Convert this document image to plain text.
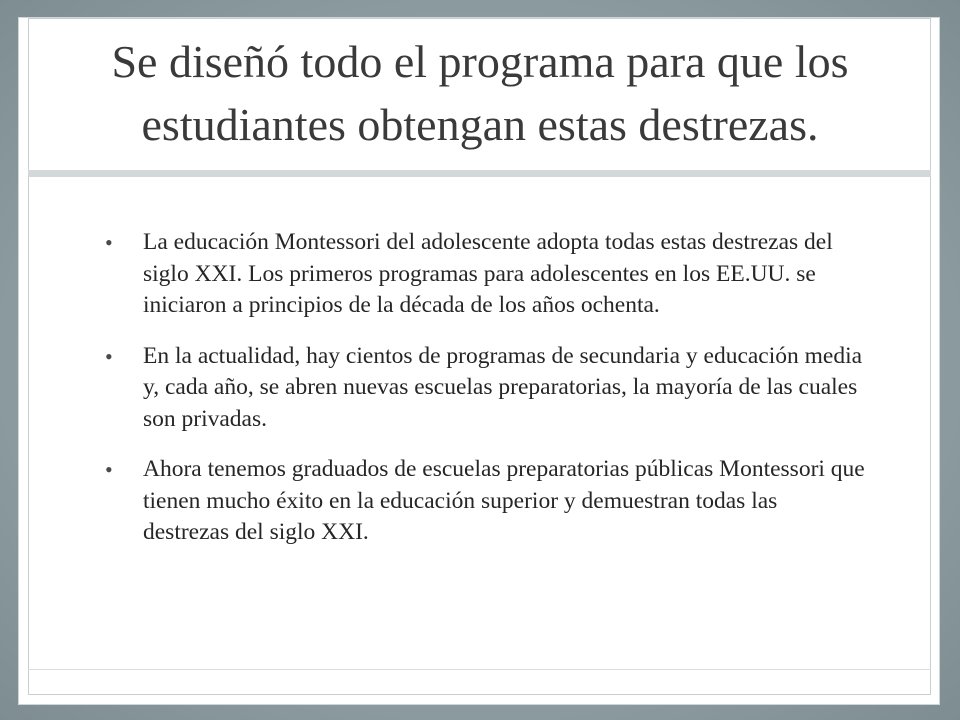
Se diseñó todo el programa para que los
estudiantes obtengan estas destrezas.
•	La educación Montessori del adolescente adopta todas estas destrezas del siglo XXI. Los primeros programas para adolescentes en los EE.UU. se iniciaron a principios de la década de los años ochenta.
•	En la actualidad, hay cientos de programas de secundaria y educación media y, cada año, se abren nuevas escuelas preparatorias, la mayoría de las cuales son privadas.
•	Ahora tenemos graduados de escuelas preparatorias públicas Montessori que tienen mucho éxito en la educación superior y demuestran todas las destrezas del siglo XXI.
